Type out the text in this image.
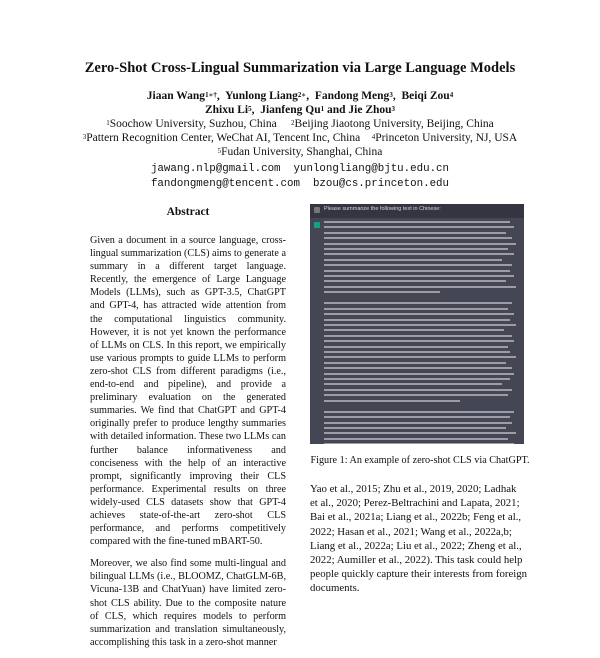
Zero-Shot Cross-Lingual Summarization via Large Language Models
Jiaan Wang$^{1∗\dagger}$,  Yunlong Liang$^{2∗}$,  Fandong Meng$^3$,  Beiqi Zou$^4$
Zhixu Li$^5$,  Jianfeng Qu$^1$ and Jie Zhou$^3$
$^1$Soochow University, Suzhou, China $^2$Beijing Jiaotong University, Beijing, China
$^3$Pattern Recognition Center, WeChat AI, Tencent Inc, China $^4$Princeton University, NJ, USA
$^5$Fudan University, Shanghai, China
jawang.nlp@gmail.com yunlongliang@bjtu.edu.cn
fandongmeng@tencent.com bzou@cs.princeton.edu
Abstract

Given a document in a source language, cross-lingual summarization (CLS) aims to generate a summary in a different target language. Recently, the emergence of Large Language Models (LLMs), such as GPT-3.5, ChatGPT and GPT-4, has attracted wide attention from the computational linguistics community. However, it is not yet known the performance of LLMs on CLS. In this report, we empirically use various prompts to guide LLMs to perform zero-shot CLS from different paradigms (i.e., end-to-end and pipeline), and provide a preliminary evaluation on the generated summaries. We find that ChatGPT and GPT-4 originally prefer to produce lengthy summaries with detailed information. These two LLMs can further balance informativeness and conciseness with the help of an interactive prompt, significantly improving their CLS performance. Experimental results on three widely-used CLS datasets show that GPT-4 achieves state-of-the-art zero-shot CLS performance, and performs competitively compared with the fine-tuned mBART-50.

Moreover, we also find some multi-lingual and bilingual LLMs (i.e., BLOOMZ, ChatGLM-6B, Vicuna-13B and ChatYuan) have limited zero-shot CLS ability. Due to the composite nature of CLS, which requires models to perform summarization and translation simultaneously, accomplishing this task in a zero-shot manner

Please summarize the following text in Chinese:
Figure 1: An example of zero-shot CLS via ChatGPT.
Yao et al., 2015; Zhu et al., 2019, 2020; Ladhak
et al., 2020; Perez-Beltrachini and Lapata, 2021;
Bai et al., 2021a; Liang et al., 2022b; Feng et al.,
2022; Hasan et al., 2021; Wang et al., 2022a,b;
Liang et al., 2022a; Liu et al., 2022; Zheng et al.,
2022; Aumiller et al., 2022). This task could help
people quickly capture their interests from foreign
documents.
